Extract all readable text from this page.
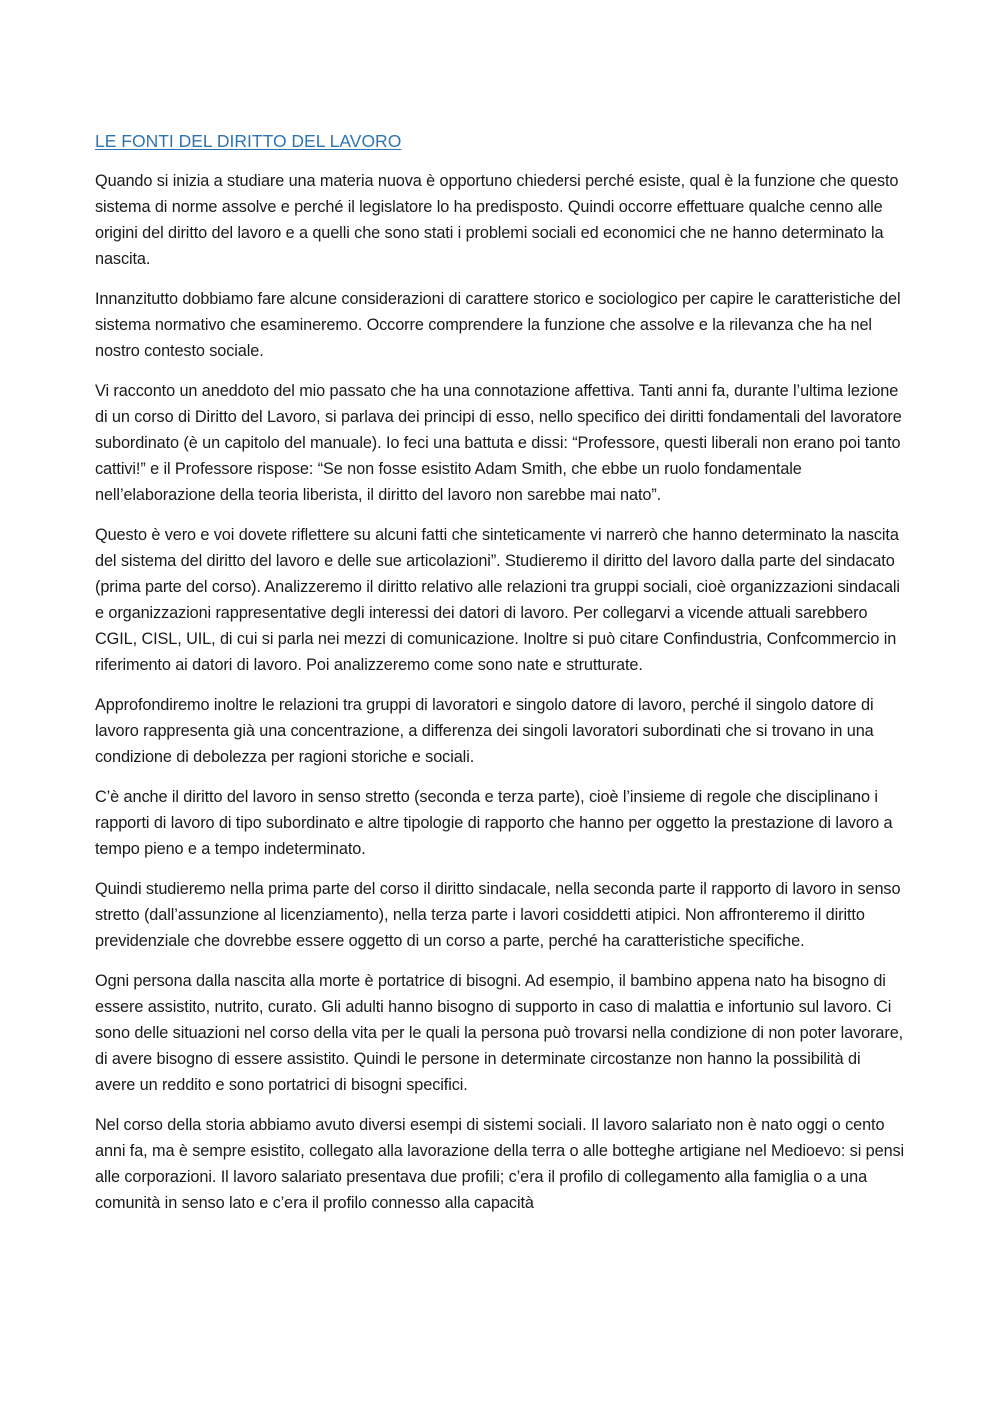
LE FONTI DEL DIRITTO DEL LAVORO

Quando si inizia a studiare una materia nuova è opportuno chiedersi perché esiste, qual è la funzione che questo sistema di norme assolve e perché il legislatore lo ha predisposto. Quindi occorre effettuare qualche cenno alle origini del diritto del lavoro e a quelli che sono stati i problemi sociali ed economici che ne hanno determinato la nascita.

Innanzitutto dobbiamo fare alcune considerazioni di carattere storico e sociologico per capire le caratteristiche del sistema normativo che esamineremo. Occorre comprendere la funzione che assolve e la rilevanza che ha nel nostro contesto sociale.

Vi racconto un aneddoto del mio passato che ha una connotazione affettiva. Tanti anni fa, durante l’ultima lezione di un corso di Diritto del Lavoro, si parlava dei principi di esso, nello specifico dei diritti fondamentali del lavoratore subordinato (è un capitolo del manuale). Io feci una battuta e dissi: “Professore, questi liberali non erano poi tanto cattivi!” e il Professore rispose: “Se non fosse esistito Adam Smith, che ebbe un ruolo fondamentale nell’elaborazione della teoria liberista, il diritto del lavoro non sarebbe mai nato”.

Questo è vero e voi dovete riflettere su alcuni fatti che sinteticamente vi narrerò che hanno determinato la nascita del sistema del diritto del lavoro e delle sue articolazioni”. Studieremo il diritto del lavoro dalla parte del sindacato (prima parte del corso). Analizzeremo il diritto relativo alle relazioni tra gruppi sociali, cioè organizzazioni sindacali e organizzazioni rappresentative degli interessi dei datori di lavoro. Per collegarvi a vicende attuali sarebbero CGIL, CISL, UIL, di cui si parla nei mezzi di comunicazione. Inoltre si può citare Confindustria, Confcommercio in riferimento ai datori di lavoro. Poi analizzeremo come sono nate e strutturate.

Approfondiremo inoltre le relazioni tra gruppi di lavoratori e singolo datore di lavoro, perché il singolo datore di lavoro rappresenta già una concentrazione, a differenza dei singoli lavoratori subordinati che si trovano in una condizione di debolezza per ragioni storiche e sociali.

C’è anche il diritto del lavoro in senso stretto (seconda e terza parte), cioè l’insieme di regole che disciplinano i rapporti di lavoro di tipo subordinato e altre tipologie di rapporto che hanno per oggetto la prestazione di lavoro a tempo pieno e a tempo indeterminato.

Quindi studieremo nella prima parte del corso il diritto sindacale, nella seconda parte il rapporto di lavoro in senso stretto (dall’assunzione al licenziamento), nella terza parte i lavori cosiddetti atipici. Non affronteremo il diritto previdenziale che dovrebbe essere oggetto di un corso a parte, perché ha caratteristiche specifiche.

Ogni persona dalla nascita alla morte è portatrice di bisogni. Ad esempio, il bambino appena nato ha bisogno di essere assistito, nutrito, curato. Gli adulti hanno bisogno di supporto in caso di malattia e infortunio sul lavoro. Ci sono delle situazioni nel corso della vita per le quali la persona può trovarsi nella condizione di non poter lavorare, di avere bisogno di essere assistito. Quindi le persone in determinate circostanze non hanno la possibilità di avere un reddito e sono portatrici di bisogni specifici.

Nel corso della storia abbiamo avuto diversi esempi di sistemi sociali. Il lavoro salariato non è nato oggi o cento anni fa, ma è sempre esistito, collegato alla lavorazione della terra o alle botteghe artigiane nel Medioevo: si pensi alle corporazioni. Il lavoro salariato presentava due profili; c’era il profilo di collegamento alla famiglia o a una comunità in senso lato e c’era il profilo connesso alla capacità
